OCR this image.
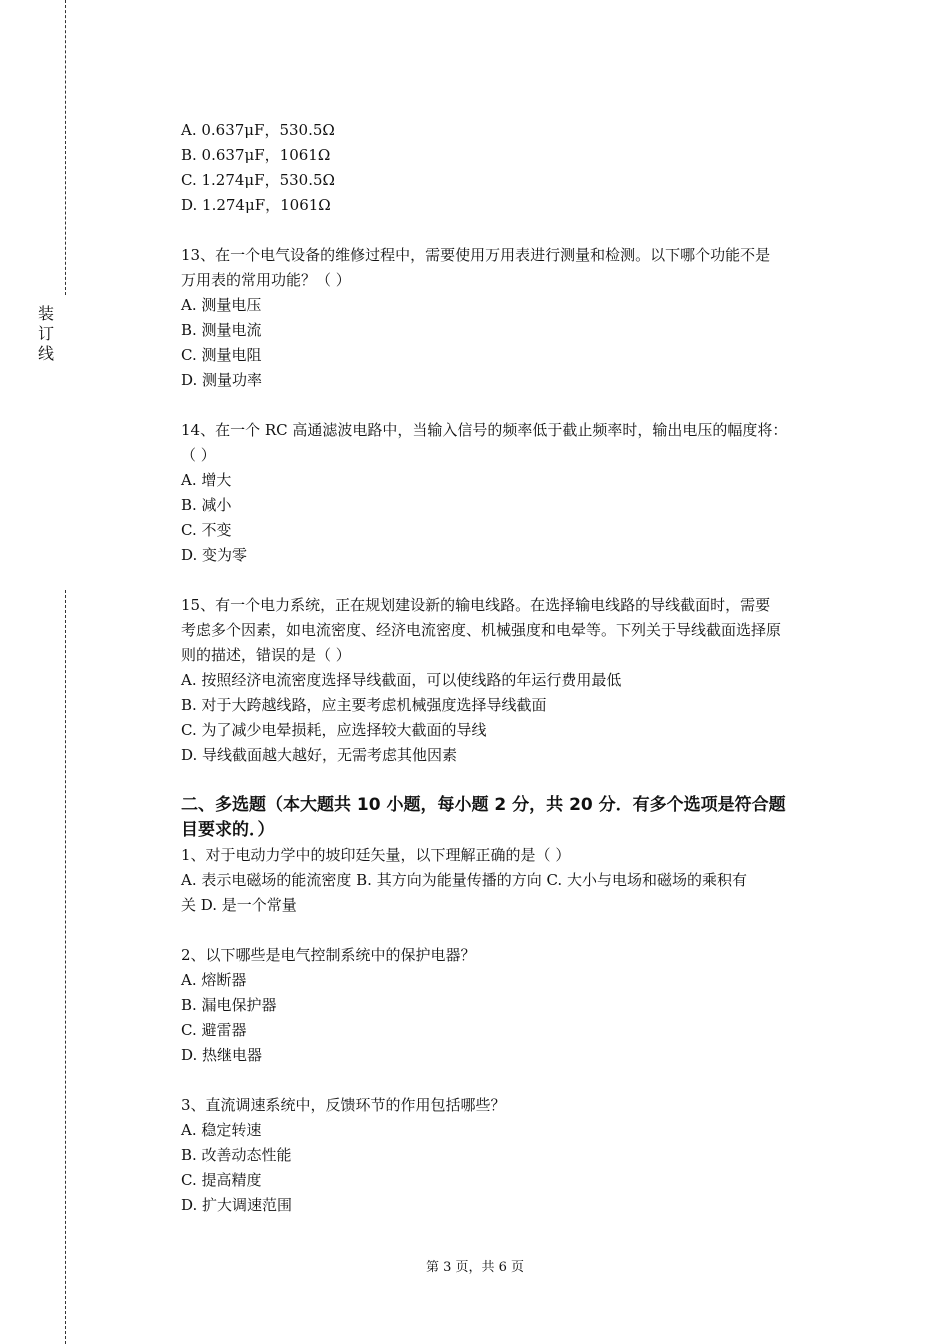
装
订
线

A. 0.637μF，530.5Ω

B. 0.637μF，1061Ω

C. 1.274μF，530.5Ω

D. 1.274μF，1061Ω

13、在一个电气设备的维修过程中，需要使用万用表进行测量和检测。以下哪个功能不是

万用表的常用功能？（ ）

A. 测量电压

B. 测量电流

C. 测量电阻

D. 测量功率

14、在一个 RC 高通滤波电路中，当输入信号的频率低于截止频率时，输出电压的幅度将：

（ ）

A. 增大

B. 减小

C. 不变

D. 变为零

15、有一个电力系统，正在规划建设新的输电线路。在选择输电线路的导线截面时，需要

考虑多个因素，如电流密度、经济电流密度、机械强度和电晕等。下列关于导线截面选择原

则的描述，错误的是（ ）

A. 按照经济电流密度选择导线截面，可以使线路的年运行费用最低

B. 对于大跨越线路，应主要考虑机械强度选择导线截面

C. 为了减少电晕损耗，应选择较大截面的导线

D. 导线截面越大越好，无需考虑其他因素

二、多选题（本大题共 10 小题，每小题 2 分，共 20 分．有多个选项是符合题

目要求的．）

1、对于电动力学中的坡印廷矢量，以下理解正确的是（ ）

A. 表示电磁场的能流密度 B. 其方向为能量传播的方向 C. 大小与电场和磁场的乘积有

关 D. 是一个常量

2、以下哪些是电气控制系统中的保护电器？

A. 熔断器

B. 漏电保护器

C. 避雷器

D. 热继电器

3、直流调速系统中，反馈环节的作用包括哪些？

A. 稳定转速

B. 改善动态性能

C. 提高精度

D. 扩大调速范围

第 3 页，共 6 页
